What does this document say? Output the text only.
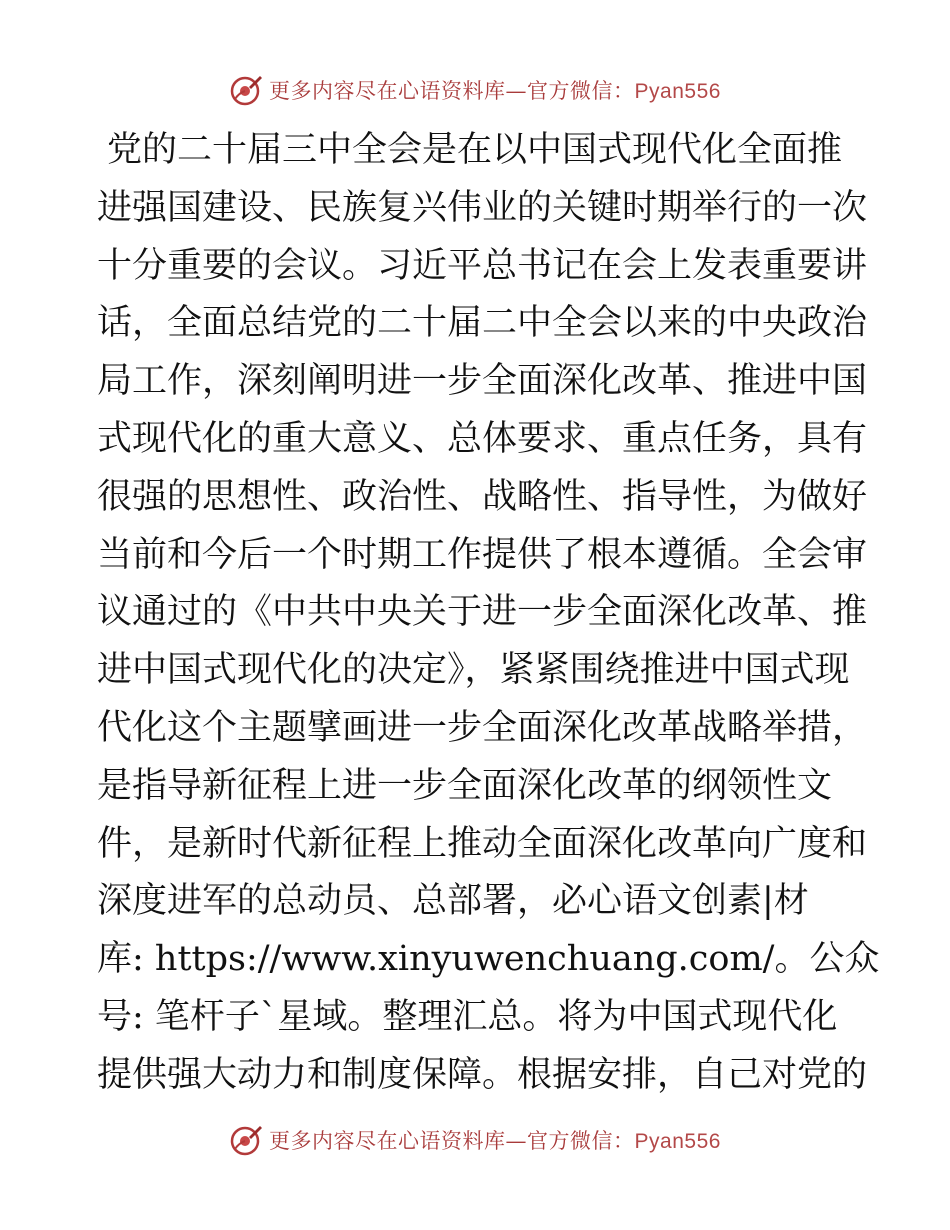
更多内容尽在心语资料库—官方微信：Pyan556
党的二十届三中全会是在以中国式现代化全面推
进强国建设、民族复兴伟业的关键时期举行的一次
十分重要的会议。习近平总书记在会上发表重要讲
话，全面总结党的二十届二中全会以来的中央政治
局工作，深刻阐明进一步全面深化改革、推进中国
式现代化的重大意义、总体要求、重点任务，具有
很强的思想性、政治性、战略性、指导性，为做好
当前和今后一个时期工作提供了根本遵循。全会审
议通过的《中共中央关于进一步全面深化改革、推
进中国式现代化的决定》，紧紧围绕推进中国式现
代化这个主题擘画进一步全面深化改革战略举措，
是指导新征程上进一步全面深化改革的纲领性文
件，是新时代新征程上推动全面深化改革向广度和
深度进军的总动员、总部署，必心语文创素|材
库: https://www.xinyuwenchuang.com/。公众
号: 笔杆子`星域。整理汇总。将为中国式现代化
提供强大动力和制度保障。根据安排，自己对党的
更多内容尽在心语资料库—官方微信：Pyan556
